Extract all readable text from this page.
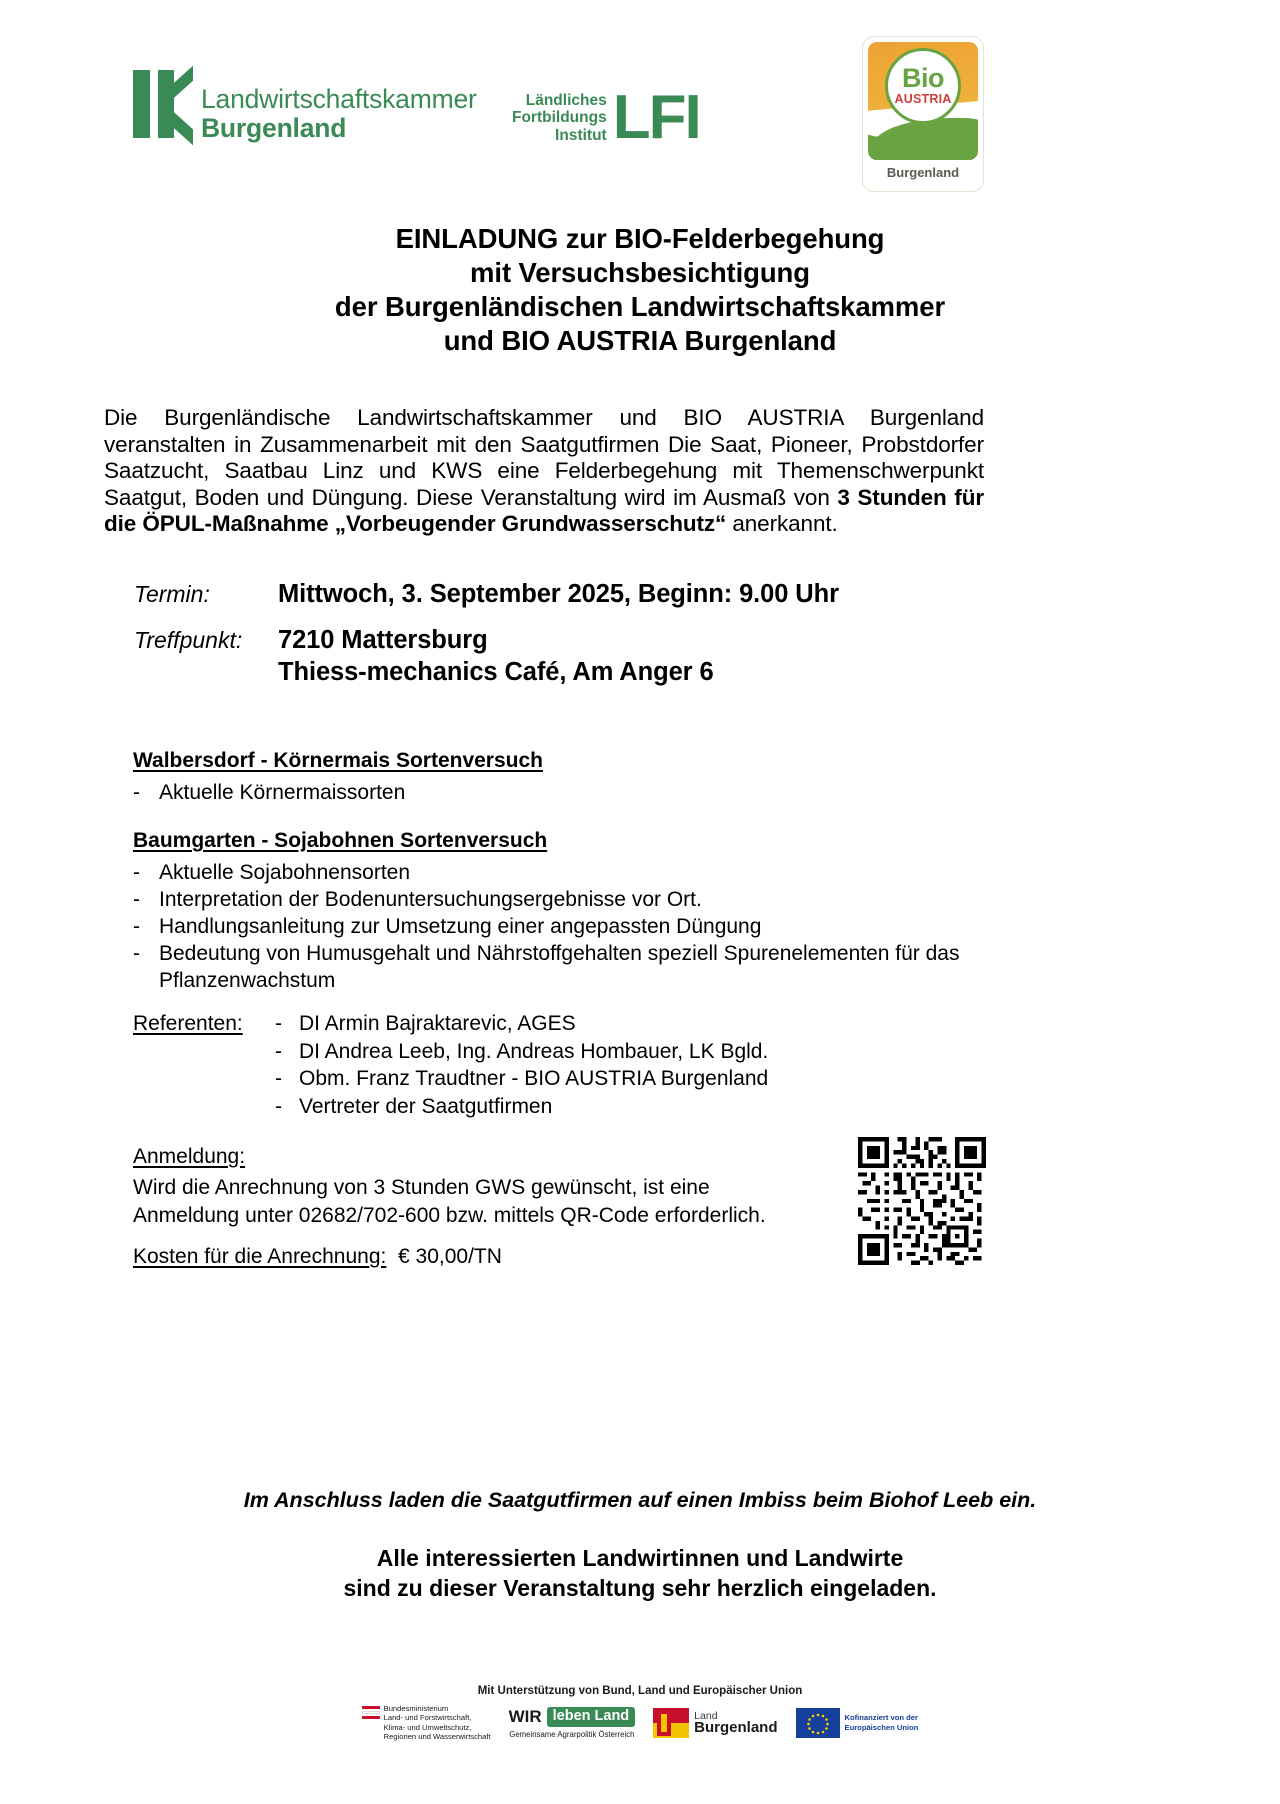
Landwirtschaftskammer
Burgenland
Ländliches
Fortbildungs
Institut LFI
Bio
AUSTRIA
Burgenland
EINLADUNG zur BIO-Felderbegehung
mit Versuchsbesichtigung
der Burgenländischen Landwirtschaftskammer
und BIO AUSTRIA Burgenland
Die Burgenländische Landwirtschaftskammer und BIO AUSTRIA Burgenland veranstalten in Zusammenarbeit mit den Saatgutfirmen Die Saat, Pioneer, Probstdorfer Saatzucht, Saatbau Linz und KWS eine Felderbegehung mit Themenschwerpunkt Saatgut, Boden und Düngung. Diese Veranstaltung wird im Ausmaß von 3 Stunden für die ÖPUL-Maßnahme „Vorbeugender Grundwasserschutz“ anerkannt.
Termin:	Mittwoch, 3. September 2025, Beginn: 9.00 Uhr
Treffpunkt:	7210 Mattersburg
Thiess-mechanics Café, Am Anger 6
Walbersdorf - Körnermais Sortenversuch
- Aktuelle Körnermaissorten
Baumgarten - Sojabohnen Sortenversuch
- Aktuelle Sojabohnensorten
- Interpretation der Bodenuntersuchungsergebnisse vor Ort.
- Handlungsanleitung zur Umsetzung einer angepassten Düngung
- Bedeutung von Humusgehalt und Nährstoffgehalten speziell Spurenelementen für das Pflanzenwachstum
Referenten:	- DI Armin Bajraktarevic, AGES
- DI Andrea Leeb, Ing. Andreas Hombauer, LK Bgld.
- Obm. Franz Traudtner - BIO AUSTRIA Burgenland
- Vertreter der Saatgutfirmen
Anmeldung:
Wird die Anrechnung von 3 Stunden GWS gewünscht, ist eine
Anmeldung unter 02682/702-600 bzw. mittels QR-Code erforderlich.
Kosten für die Anrechnung: € 30,00/TN
Im Anschluss laden die Saatgutfirmen auf einen Imbiss beim Biohof Leeb ein.
Alle interessierten Landwirtinnen und Landwirte
sind zu dieser Veranstaltung sehr herzlich eingeladen.
Mit Unterstützung von Bund, Land und Europäischer Union
Bundesministerium
Land- und Forstwirtschaft,
Klima- und Umweltschutz,
Regionen und Wasserwirtschaft
WIR leben Land
Gemeinsame Agrarpolitik Österreich
Land
Burgenland
Kofinanziert von der
Europäischen Union
